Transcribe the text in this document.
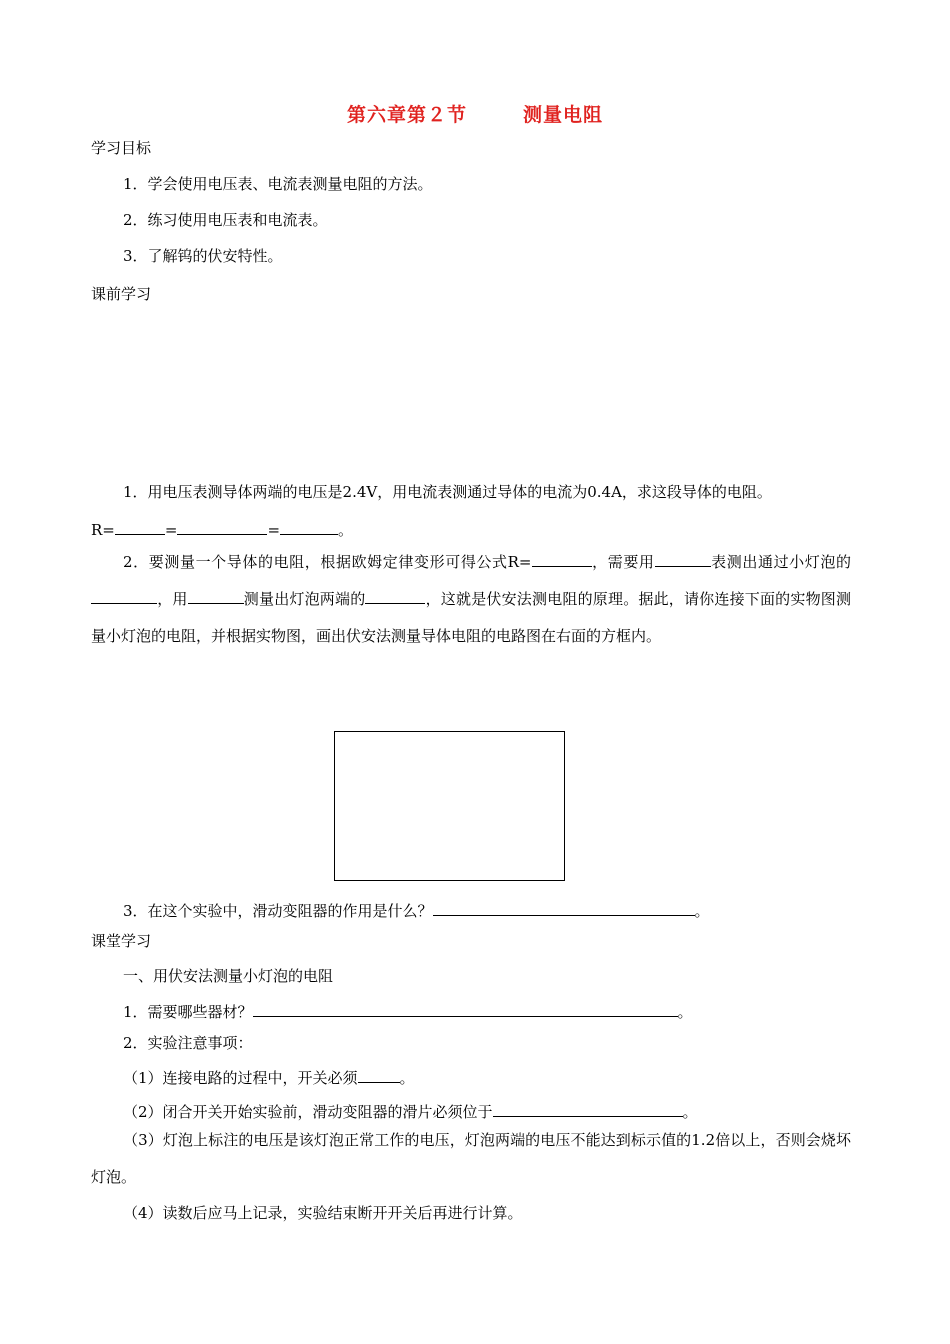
第六章第２节	测量电阻
学习目标
1．学会使用电压表、电流表测量电阻的方法。
2．练习使用电压表和电流表。
3．了解钨的伏安特性。
课前学习
1．用电压表测导体两端的电压是2.4V，用电流表测通过导体的电流为0.4A，求这段导体的电阻。
R=	=	=	。
2．要测量一个导体的电阻，根据欧姆定律变形可得公式R=	，需要用	表测出通过小灯泡的，用	测量出灯泡两端的	，这就是伏安法测电阻的原理。据此，请你连接下面的实物图测量小灯泡的电阻，并根据实物图，画出伏安法测量导体电阻的电路图在右面的方框内。
3．在这个实验中，滑动变阻器的作用是什么？	。
课堂学习
一、用伏安法测量小灯泡的电阻
1．需要哪些器材？	。
2．实验注意事项：
（1）连接电路的过程中，开关必须	。
（2）闭合开关开始实验前，滑动变阻器的滑片必须位于	。
（3）灯泡上标注的电压是该灯泡正常工作的电压，灯泡两端的电压不能达到标示值的1.2倍以上，否则会烧坏灯泡。
（4）读数后应马上记录，实验结束断开开关后再进行计算。
